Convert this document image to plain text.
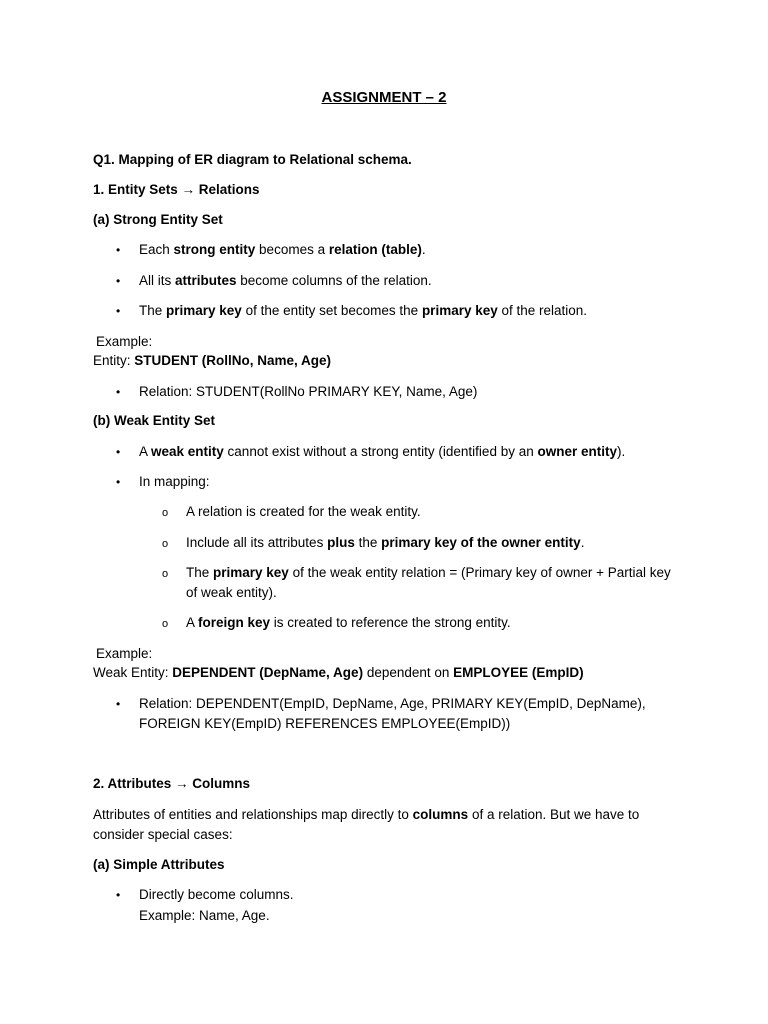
ASSIGNMENT – 2
Q1. Mapping of ER diagram to Relational schema.
1. Entity Sets → Relations
(a) Strong Entity Set
• Each strong entity becomes a relation (table).
• All its attributes become columns of the relation.
• The primary key of the entity set becomes the primary key of the relation.
Example:
Entity: STUDENT (RollNo, Name, Age)
• Relation: STUDENT(RollNo PRIMARY KEY, Name, Age)
(b) Weak Entity Set
• A weak entity cannot exist without a strong entity (identified by an owner entity).
• In mapping:
o A relation is created for the weak entity.
o Include all its attributes plus the primary key of the owner entity.
o The primary key of the weak entity relation = (Primary key of owner + Partial key of weak entity).
o A foreign key is created to reference the strong entity.
Example:
Weak Entity: DEPENDENT (DepName, Age) dependent on EMPLOYEE (EmpID)
• Relation: DEPENDENT(EmpID, DepName, Age, PRIMARY KEY(EmpID, DepName), FOREIGN KEY(EmpID) REFERENCES EMPLOYEE(EmpID))
2. Attributes → Columns
Attributes of entities and relationships map directly to columns of a relation. But we have to consider special cases:
(a) Simple Attributes
• Directly become columns.
Example: Name, Age.
